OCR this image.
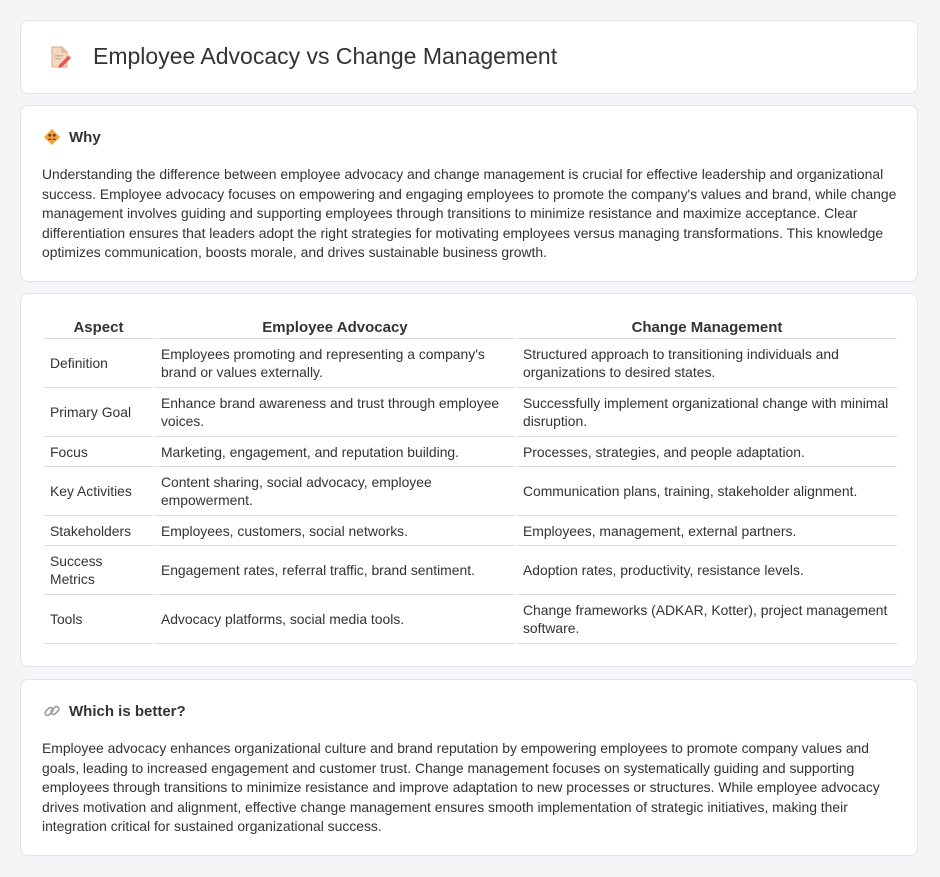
Employee Advocacy vs Change Management
Why

Understanding the difference between employee advocacy and change management is crucial for effective leadership and organizational success. Employee advocacy focuses on empowering and engaging employees to promote the company's values and brand, while change management involves guiding and supporting employees through transitions to minimize resistance and maximize acceptance. Clear differentiation ensures that leaders adopt the right strategies for motivating employees versus managing transformations. This knowledge optimizes communication, boosts morale, and drives sustainable business growth.

Aspect	Employee Advocacy	Change Management
Definition	Employees promoting and representing a company's brand or values externally.	Structured approach to transitioning individuals and organizations to desired states.
Primary Goal	Enhance brand awareness and trust through employee voices.	Successfully implement organizational change with minimal disruption.
Focus	Marketing, engagement, and reputation building.	Processes, strategies, and people adaptation.
Key Activities	Content sharing, social advocacy, employee empowerment.	Communication plans, training, stakeholder alignment.
Stakeholders	Employees, customers, social networks.	Employees, management, external partners.
Success Metrics	Engagement rates, referral traffic, brand sentiment.	Adoption rates, productivity, resistance levels.
Tools	Advocacy platforms, social media tools.	Change frameworks (ADKAR, Kotter), project management software.
Which is better?

Employee advocacy enhances organizational culture and brand reputation by empowering employees to promote company values and goals, leading to increased engagement and customer trust. Change management focuses on systematically guiding and supporting employees through transitions to minimize resistance and improve adaptation to new processes or structures. While employee advocacy drives motivation and alignment, effective change management ensures smooth implementation of strategic initiatives, making their integration critical for sustained organizational success.
